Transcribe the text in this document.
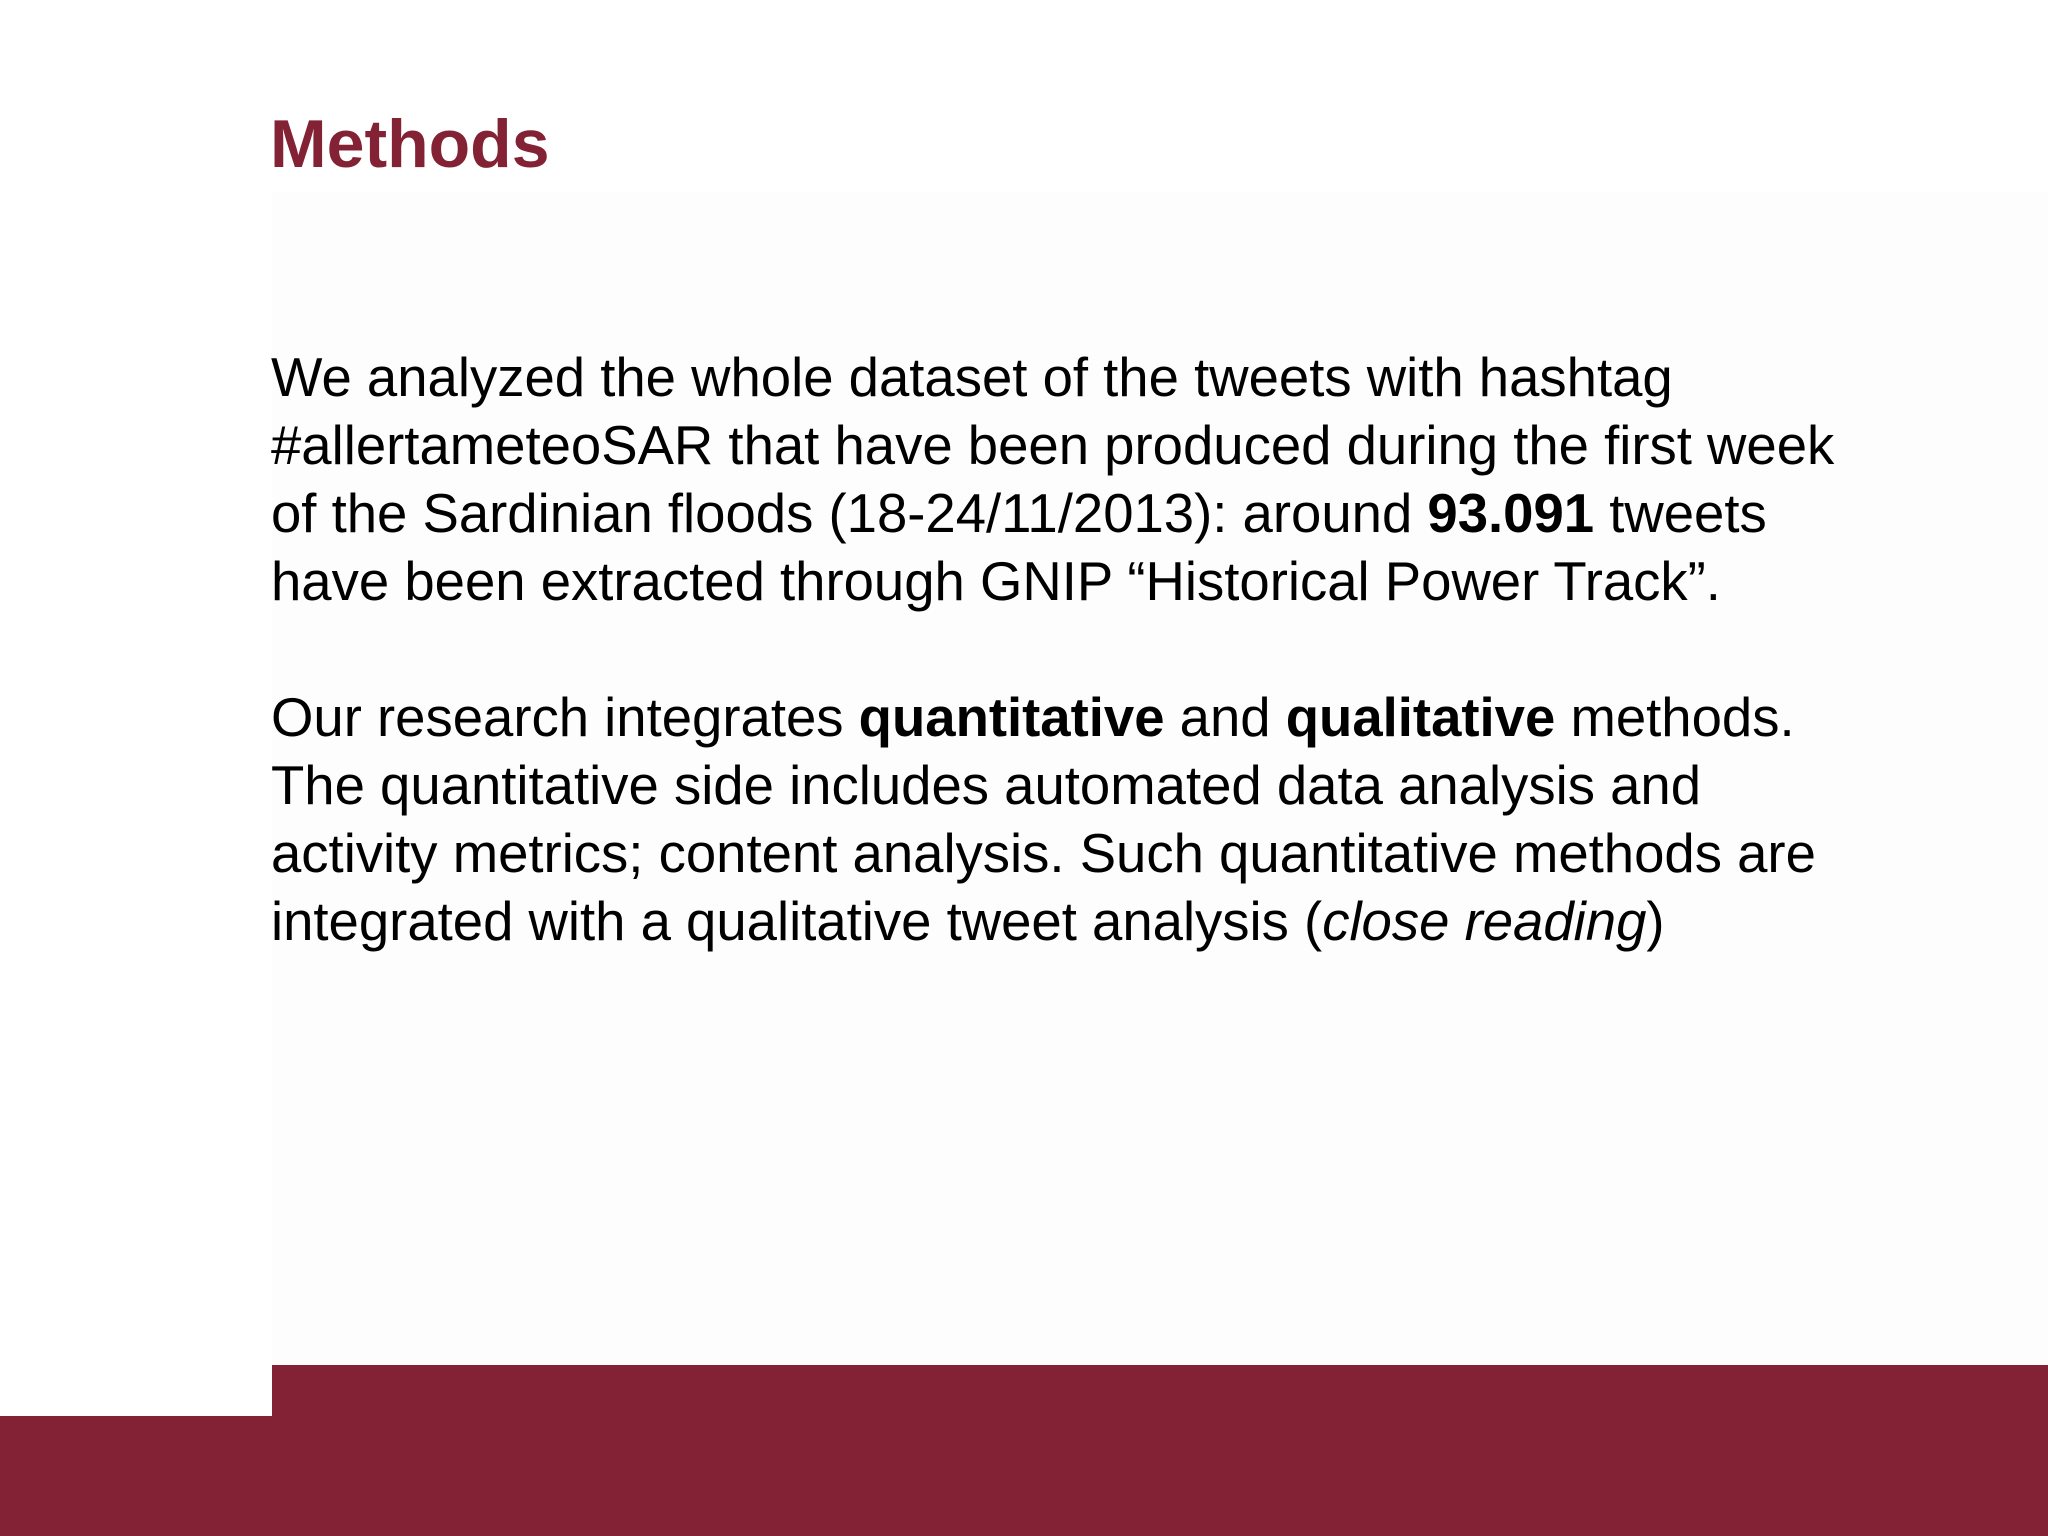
Methods

We analyzed the whole dataset of the tweets with hashtag
#allertameteoSAR that have been produced during the first week
of the Sardinian floods (18-24/11/2013): around 93.091 tweets
have been extracted through GNIP “Historical Power Track”.

Our research integrates quantitative and qualitative methods.
The quantitative side includes automated data analysis and
activity metrics; content analysis. Such quantitative methods are
integrated with a qualitative tweet analysis (close reading)
